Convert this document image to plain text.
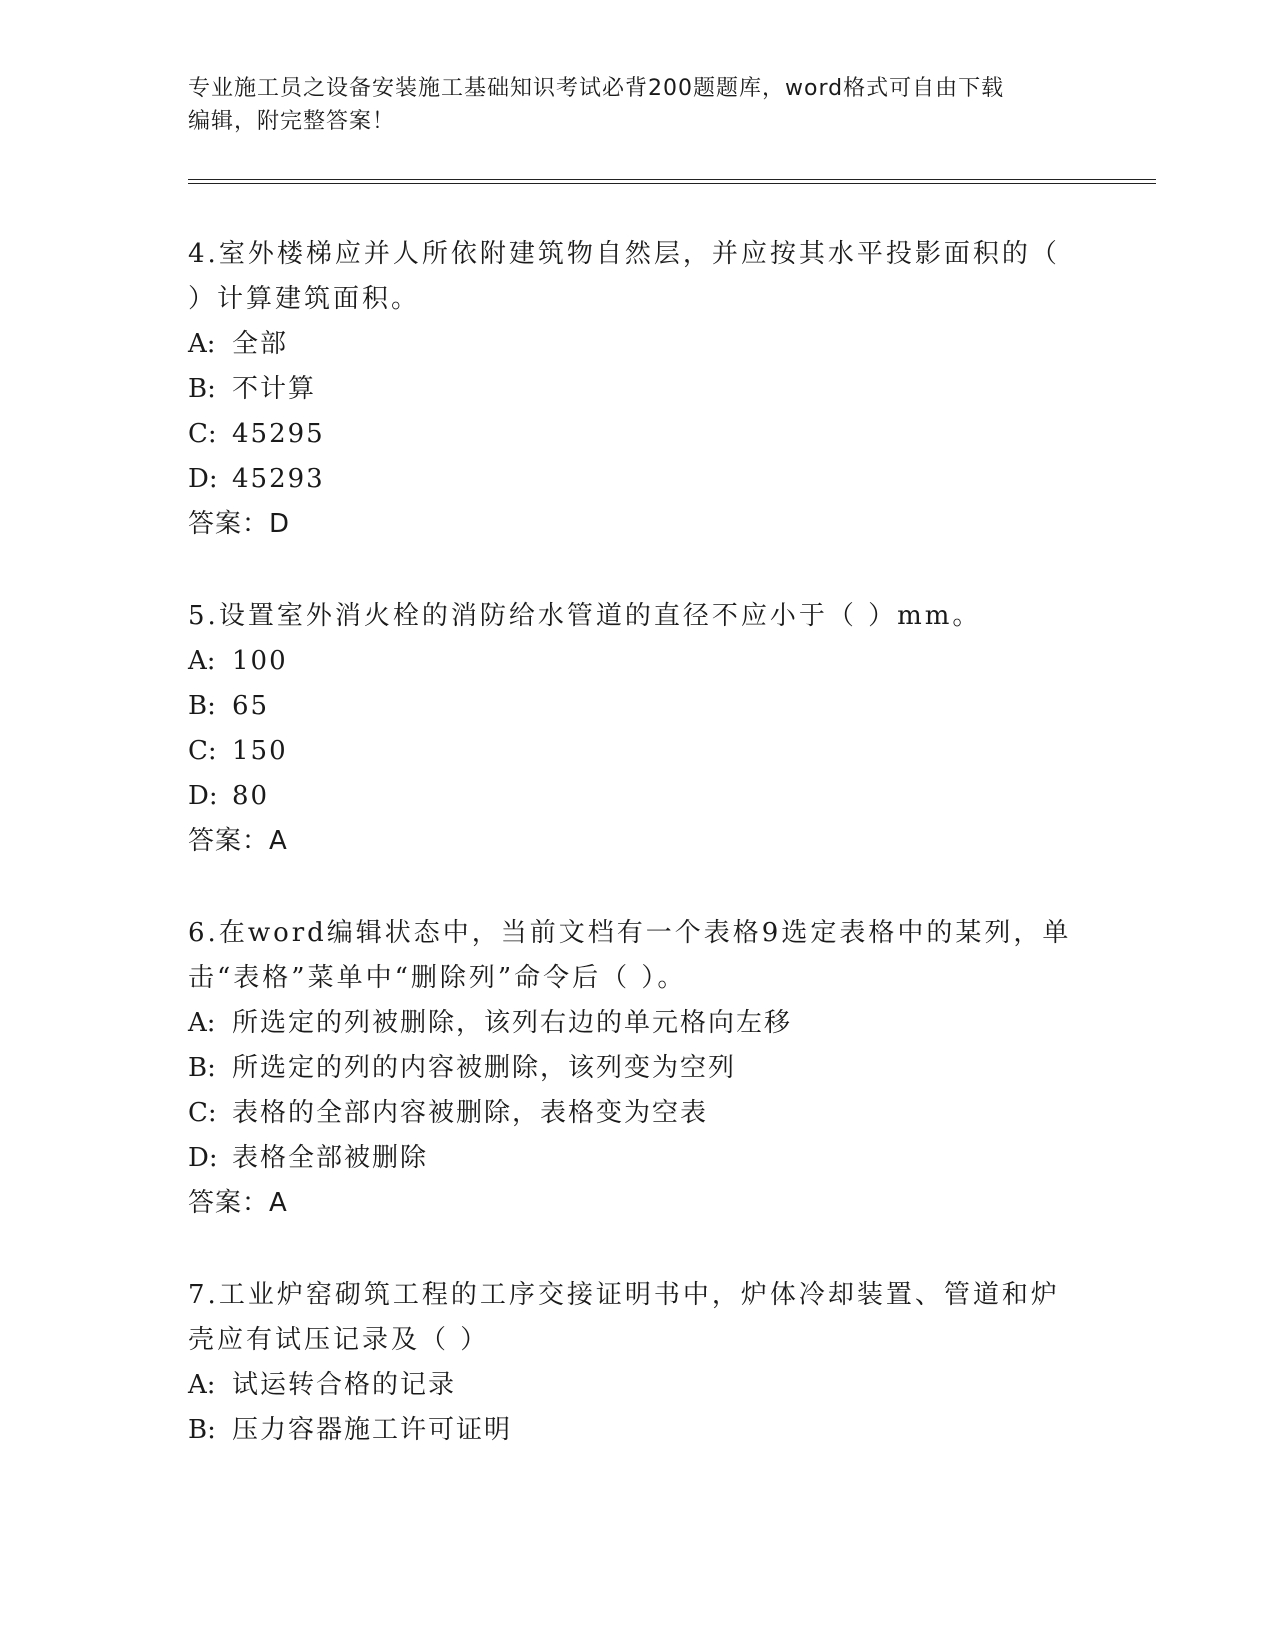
专业施工员之设备安装施工基础知识考试必背200题题库，word格式可自由下载
编辑，附完整答案！

4.室外楼梯应并人所依附建筑物自然层，并应按其水平投影面积的（
）计算建筑面积。

A: 全部

B: 不计算

C: 45295

D: 45293

答案：D

5.设置室外消火栓的消防给水管道的直径不应小于（ ）mm。

A: 100

B: 65

C: 150

D: 80

答案：A

6.在word编辑状态中，当前文档有一个表格9选定表格中的某列，单
击“表格”菜单中“删除列”命令后（ ）。

A: 所选定的列被删除，该列右边的单元格向左移

B: 所选定的列的内容被删除，该列变为空列

C: 表格的全部内容被删除，表格变为空表

D: 表格全部被删除

答案：A

7.工业炉窑砌筑工程的工序交接证明书中，炉体冷却装置、管道和炉
壳应有试压记录及（ ）

A: 试运转合格的记录

B: 压力容器施工许可证明
